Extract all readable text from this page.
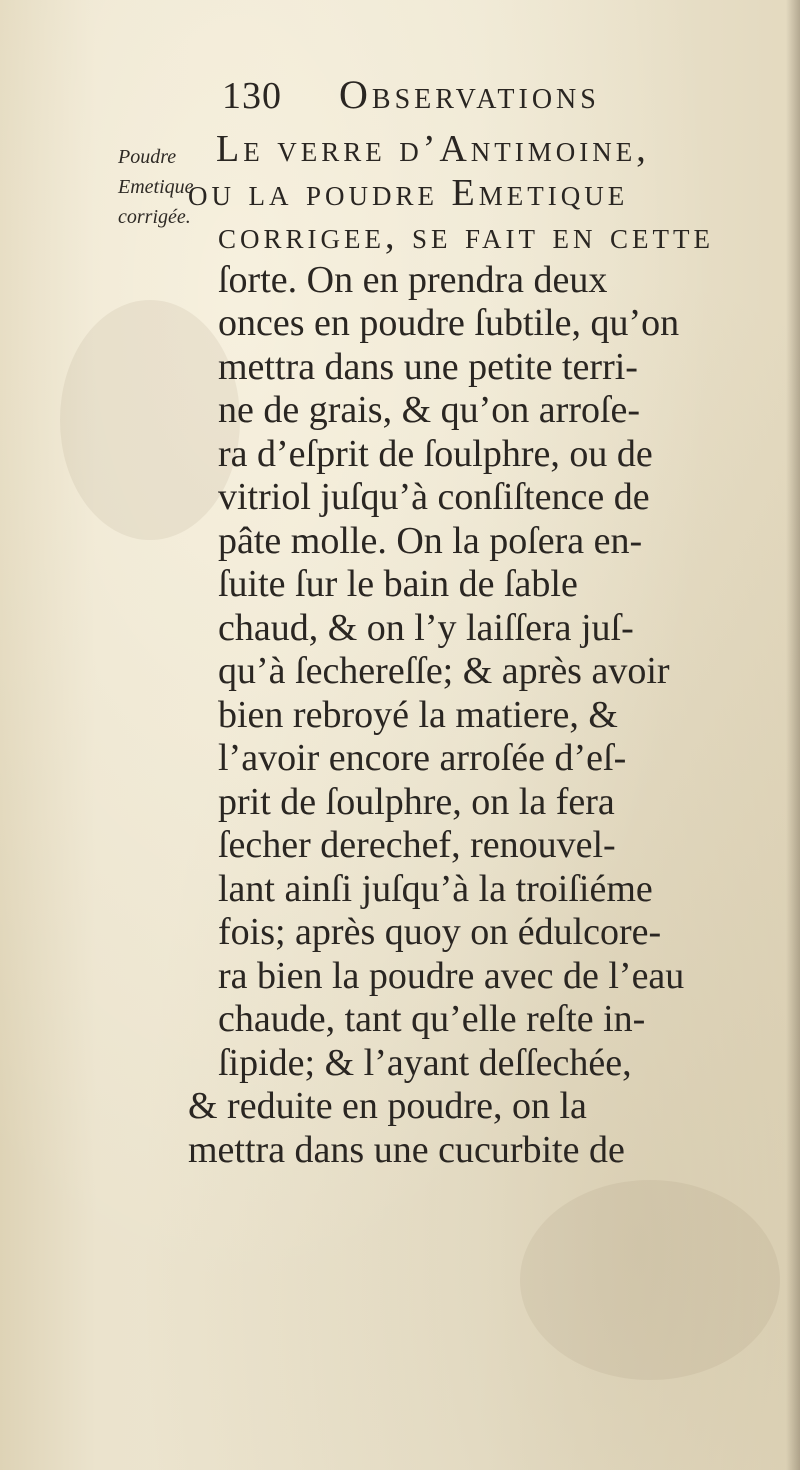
130 Observations
Poudre
Emetique
corrigée.
Le verre d’Antimoine,
ou la poudre Emetique
corrigee, ſe fait en cette
ſorte. On en prendra deux
onces en poudre ſubtile, qu’on
mettra dans une petite terri-
ne de grais, & qu’on arroſe-
ra d’eſprit de ſoulphre, ou de
vitriol juſqu’à conſiſtence de
pâte molle. On la poſera en-
ſuite ſur le bain de ſable
chaud, & on l’y laiſſera juſ-
qu’à ſechereſſe; & après avoir
bien rebroyé la matiere, &
l’avoir encore arroſée d’eſ-
prit de ſoulphre, on la fera
ſecher derechef, renouvel-
lant ainſi juſqu’à la troiſiéme
fois; après quoy on édulcore-
ra bien la poudre avec de l’eau
chaude, tant qu’elle reſte in-
ſipide; & l’ayant deſſechée,
& reduite en poudre, on la
mettra dans une cucurbite de
